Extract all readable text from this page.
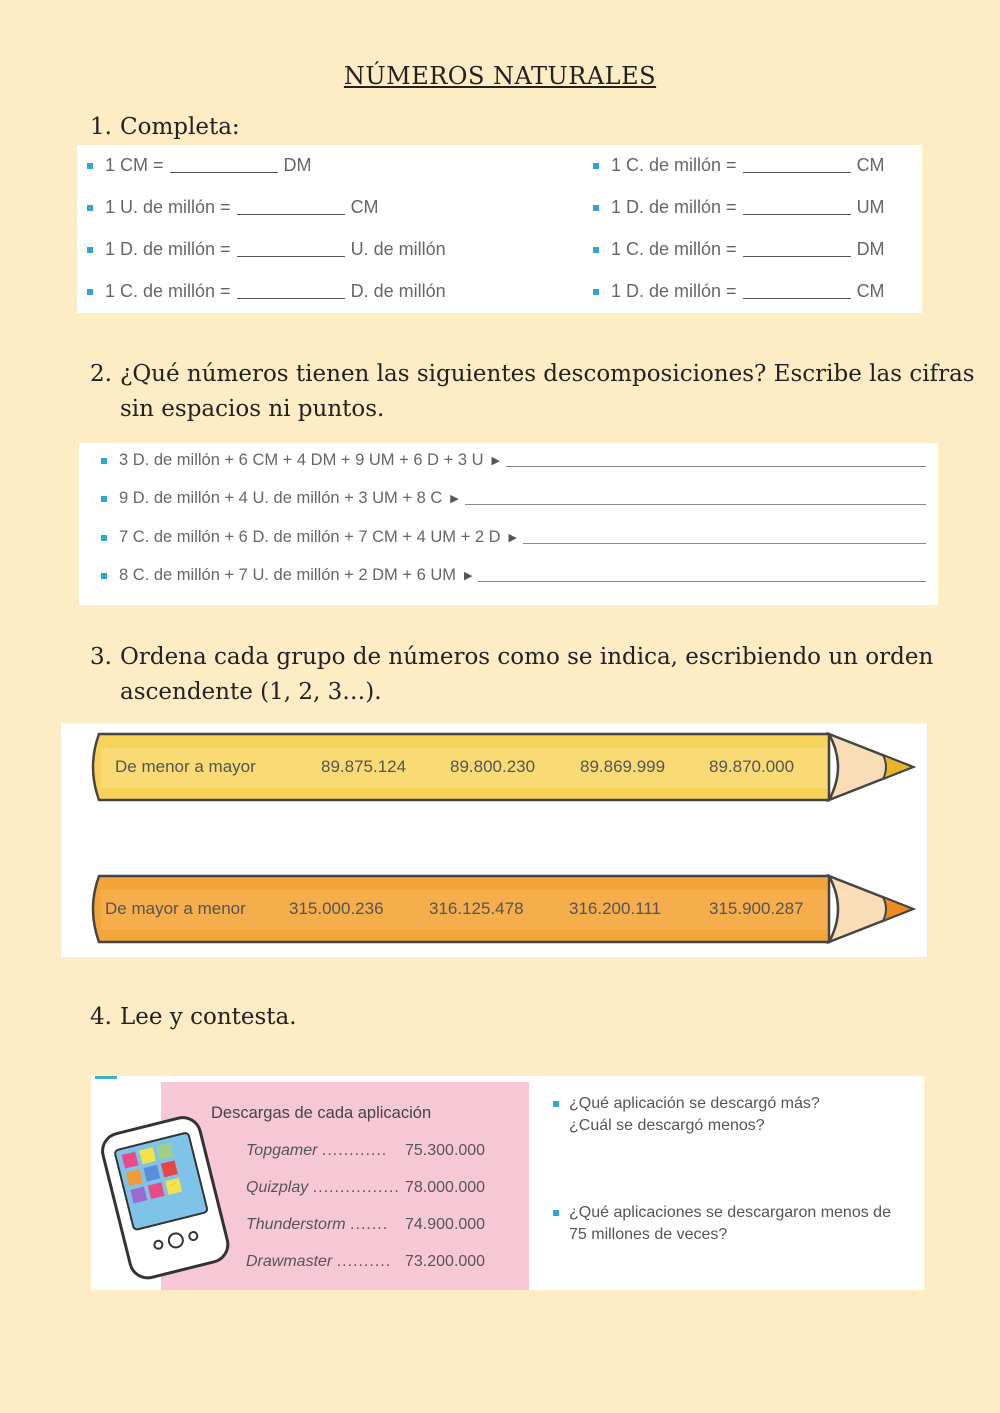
NÚMEROS NATURALES
1. Completa:
1 CM =	DM	1 C. de millón =	CM
1 U. de millón =	CM	1 D. de millón =	UM
1 D. de millón =	U. de millón	1 C. de millón =	DM
1 C. de millón =	D. de millón	1 D. de millón =	CM
2. ¿Qué números tienen las siguientes descomposiciones? Escribe las cifras
sin espacios ni puntos.
3 D. de millón + 6 CM + 4 DM + 9 UM + 6 D + 3 U ▶
9 D. de millón + 4 U. de millón + 3 UM + 8 C ▶
7 C. de millón + 6 D. de millón + 7 CM + 4 UM + 2 D ▶
8 C. de millón + 7 U. de millón + 2 DM + 6 UM ▶
3. Ordena cada grupo de números como se indica, escribiendo un orden
ascendente (1, 2, 3…).
De menor a mayor	89.875.124	89.800.230	89.869.999	89.870.000
De mayor a menor	315.000.236	316.125.478	316.200.111	315.900.287
4. Lee y contesta.
Descargas de cada aplicación
Topgamer ............ 75.300.000
Quizplay ................ 78.000.000
Thunderstorm ....... 74.900.000
Drawmaster .......... 73.200.000
¿Qué aplicación se descargó más?
¿Cuál se descargó menos?
¿Qué aplicaciones se descargaron menos de
75 millones de veces?
